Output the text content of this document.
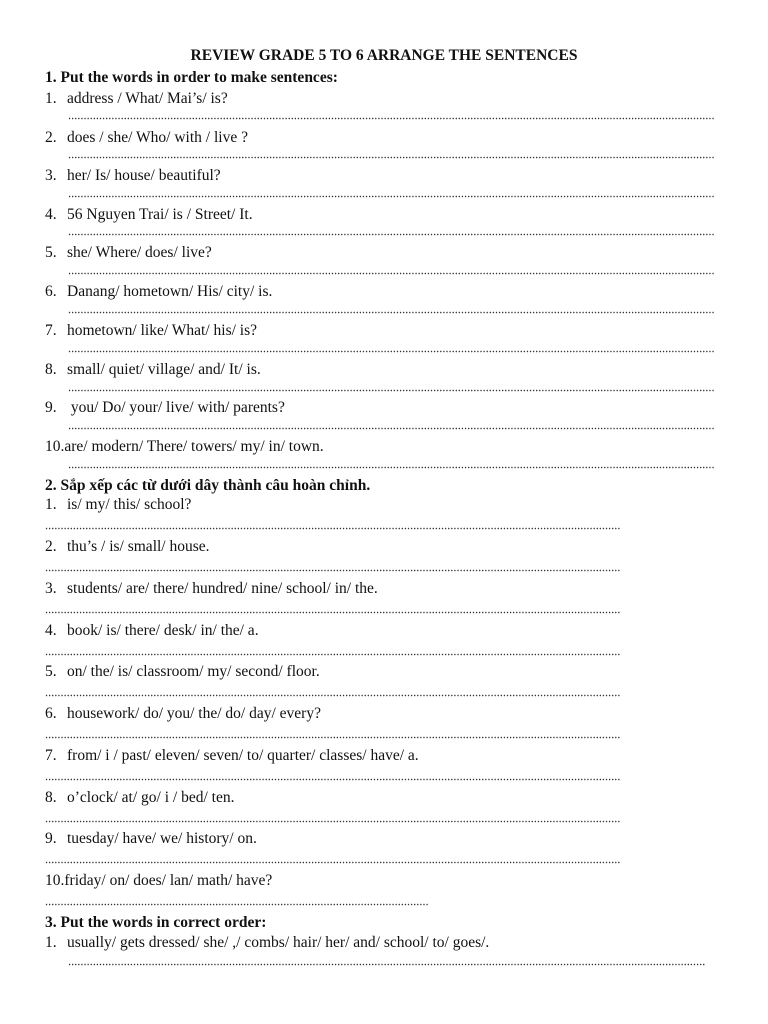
REVIEW GRADE 5 TO 6 ARRANGE THE SENTENCES
1. Put the words in order to make sentences:
1. address / What/ Mai’s/ is?
2. does / she/ Who/ with / live ?
3. her/ Is/ house/ beautiful?
4. 56 Nguyen Trai/ is / Street/ It.
5. she/ Where/ does/ live?
6. Danang/ hometown/ His/ city/ is.
7. hometown/ like/ What/ his/ is?
8. small/ quiet/ village/ and/ It/ is.
9. you/ Do/ your/ live/ with/ parents?
10.are/ modern/ There/ towers/ my/ in/ town.
2. Sắp xếp các từ dưới dây thành câu hoàn chỉnh.
1. is/ my/ this/ school?
2. thu’s / is/ small/ house.
3. students/ are/ there/ hundred/ nine/ school/ in/ the.
4. book/ is/ there/ desk/ in/ the/ a.
5. on/ the/ is/ classroom/ my/ second/ floor.
6. housework/ do/ you/ the/ do/ day/ every?
7. from/ i / past/ eleven/ seven/ to/ quarter/ classes/ have/ a.
8. o’clock/ at/ go/ i / bed/ ten.
9. tuesday/ have/ we/ history/ on.
10.friday/ on/ does/ lan/ math/ have?
3. Put the words in correct order:
1. usually/ gets dressed/ she/ ,/ combs/ hair/ her/ and/ school/ to/ goes/.
